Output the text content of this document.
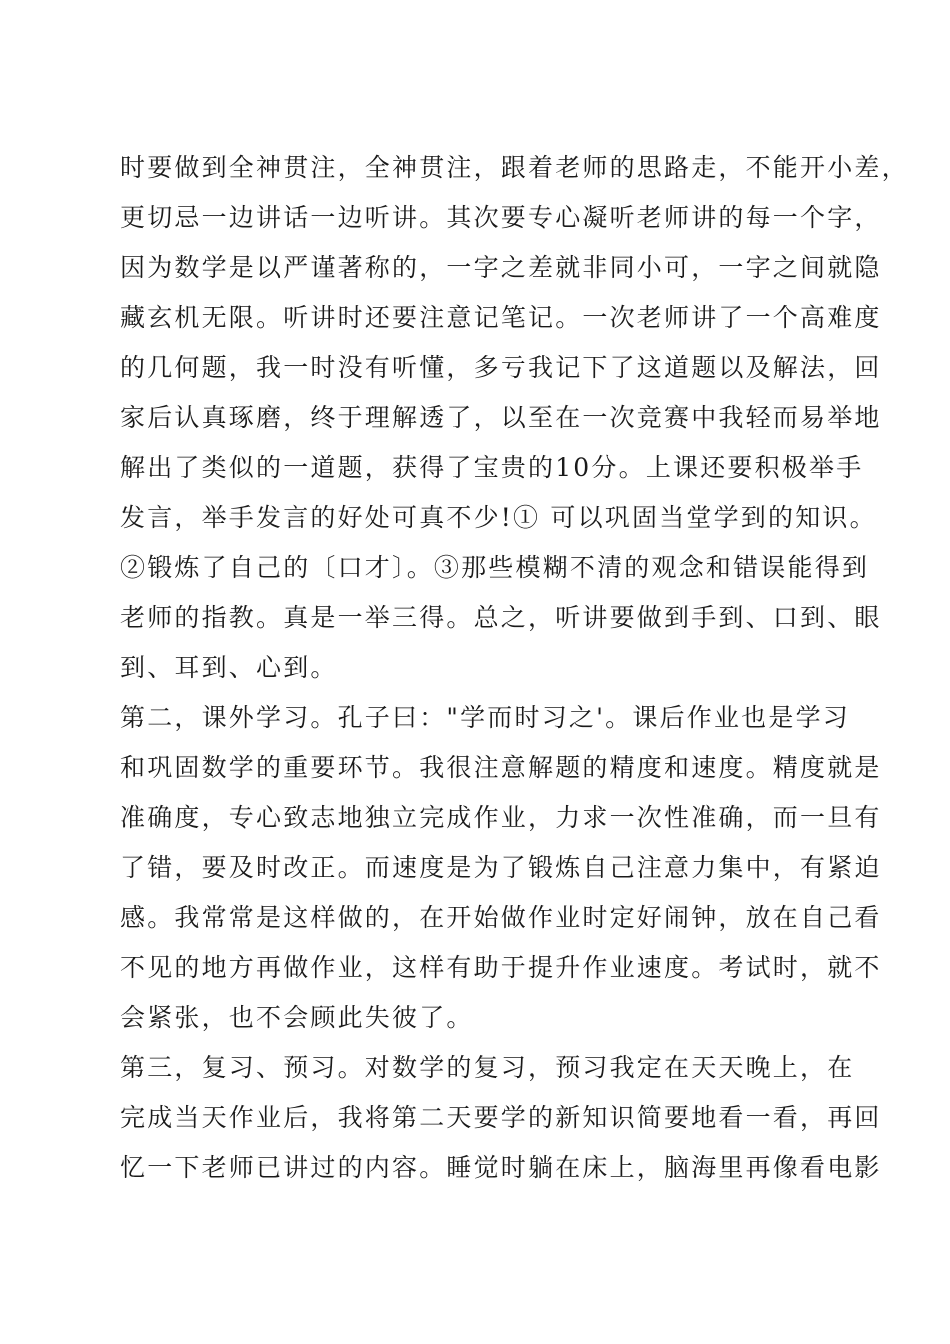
时要做到全神贯注，全神贯注，跟着老师的思路走，不能开小差，
更切忌一边讲话一边听讲。其次要专心凝听老师讲的每一个字，
因为数学是以严谨著称的，一字之差就非同小可，一字之间就隐
藏玄机无限。听讲时还要注意记笔记。一次老师讲了一个高难度
的几何题，我一时没有听懂，多亏我记下了这道题以及解法，回
家后认真琢磨，终于理解透了，以至在一次竞赛中我轻而易举地
解出了类似的一道题，获得了宝贵的10分。上课还要积极举手
发言，举手发言的好处可真不少!① 可以巩固当堂学到的知识。
②锻炼了自己的〔口才〕。③那些模糊不清的观念和错误能得到
老师的指教。真是一举三得。总之，听讲要做到手到、口到、眼
到、耳到、心到。
第二，课外学习。孔子曰："学而时习之'。课后作业也是学习
和巩固数学的重要环节。我很注意解题的精度和速度。精度就是
准确度，专心致志地独立完成作业，力求一次性准确，而一旦有
了错，要及时改正。而速度是为了锻炼自己注意力集中，有紧迫
感。我常常是这样做的，在开始做作业时定好闹钟，放在自己看
不见的地方再做作业，这样有助于提升作业速度。考试时，就不
会紧张，也不会顾此失彼了。
第三，复习、预习。对数学的复习，预习我定在天天晚上，在
完成当天作业后，我将第二天要学的新知识简要地看一看，再回
忆一下老师已讲过的内容。睡觉时躺在床上，脑海里再像看电影
